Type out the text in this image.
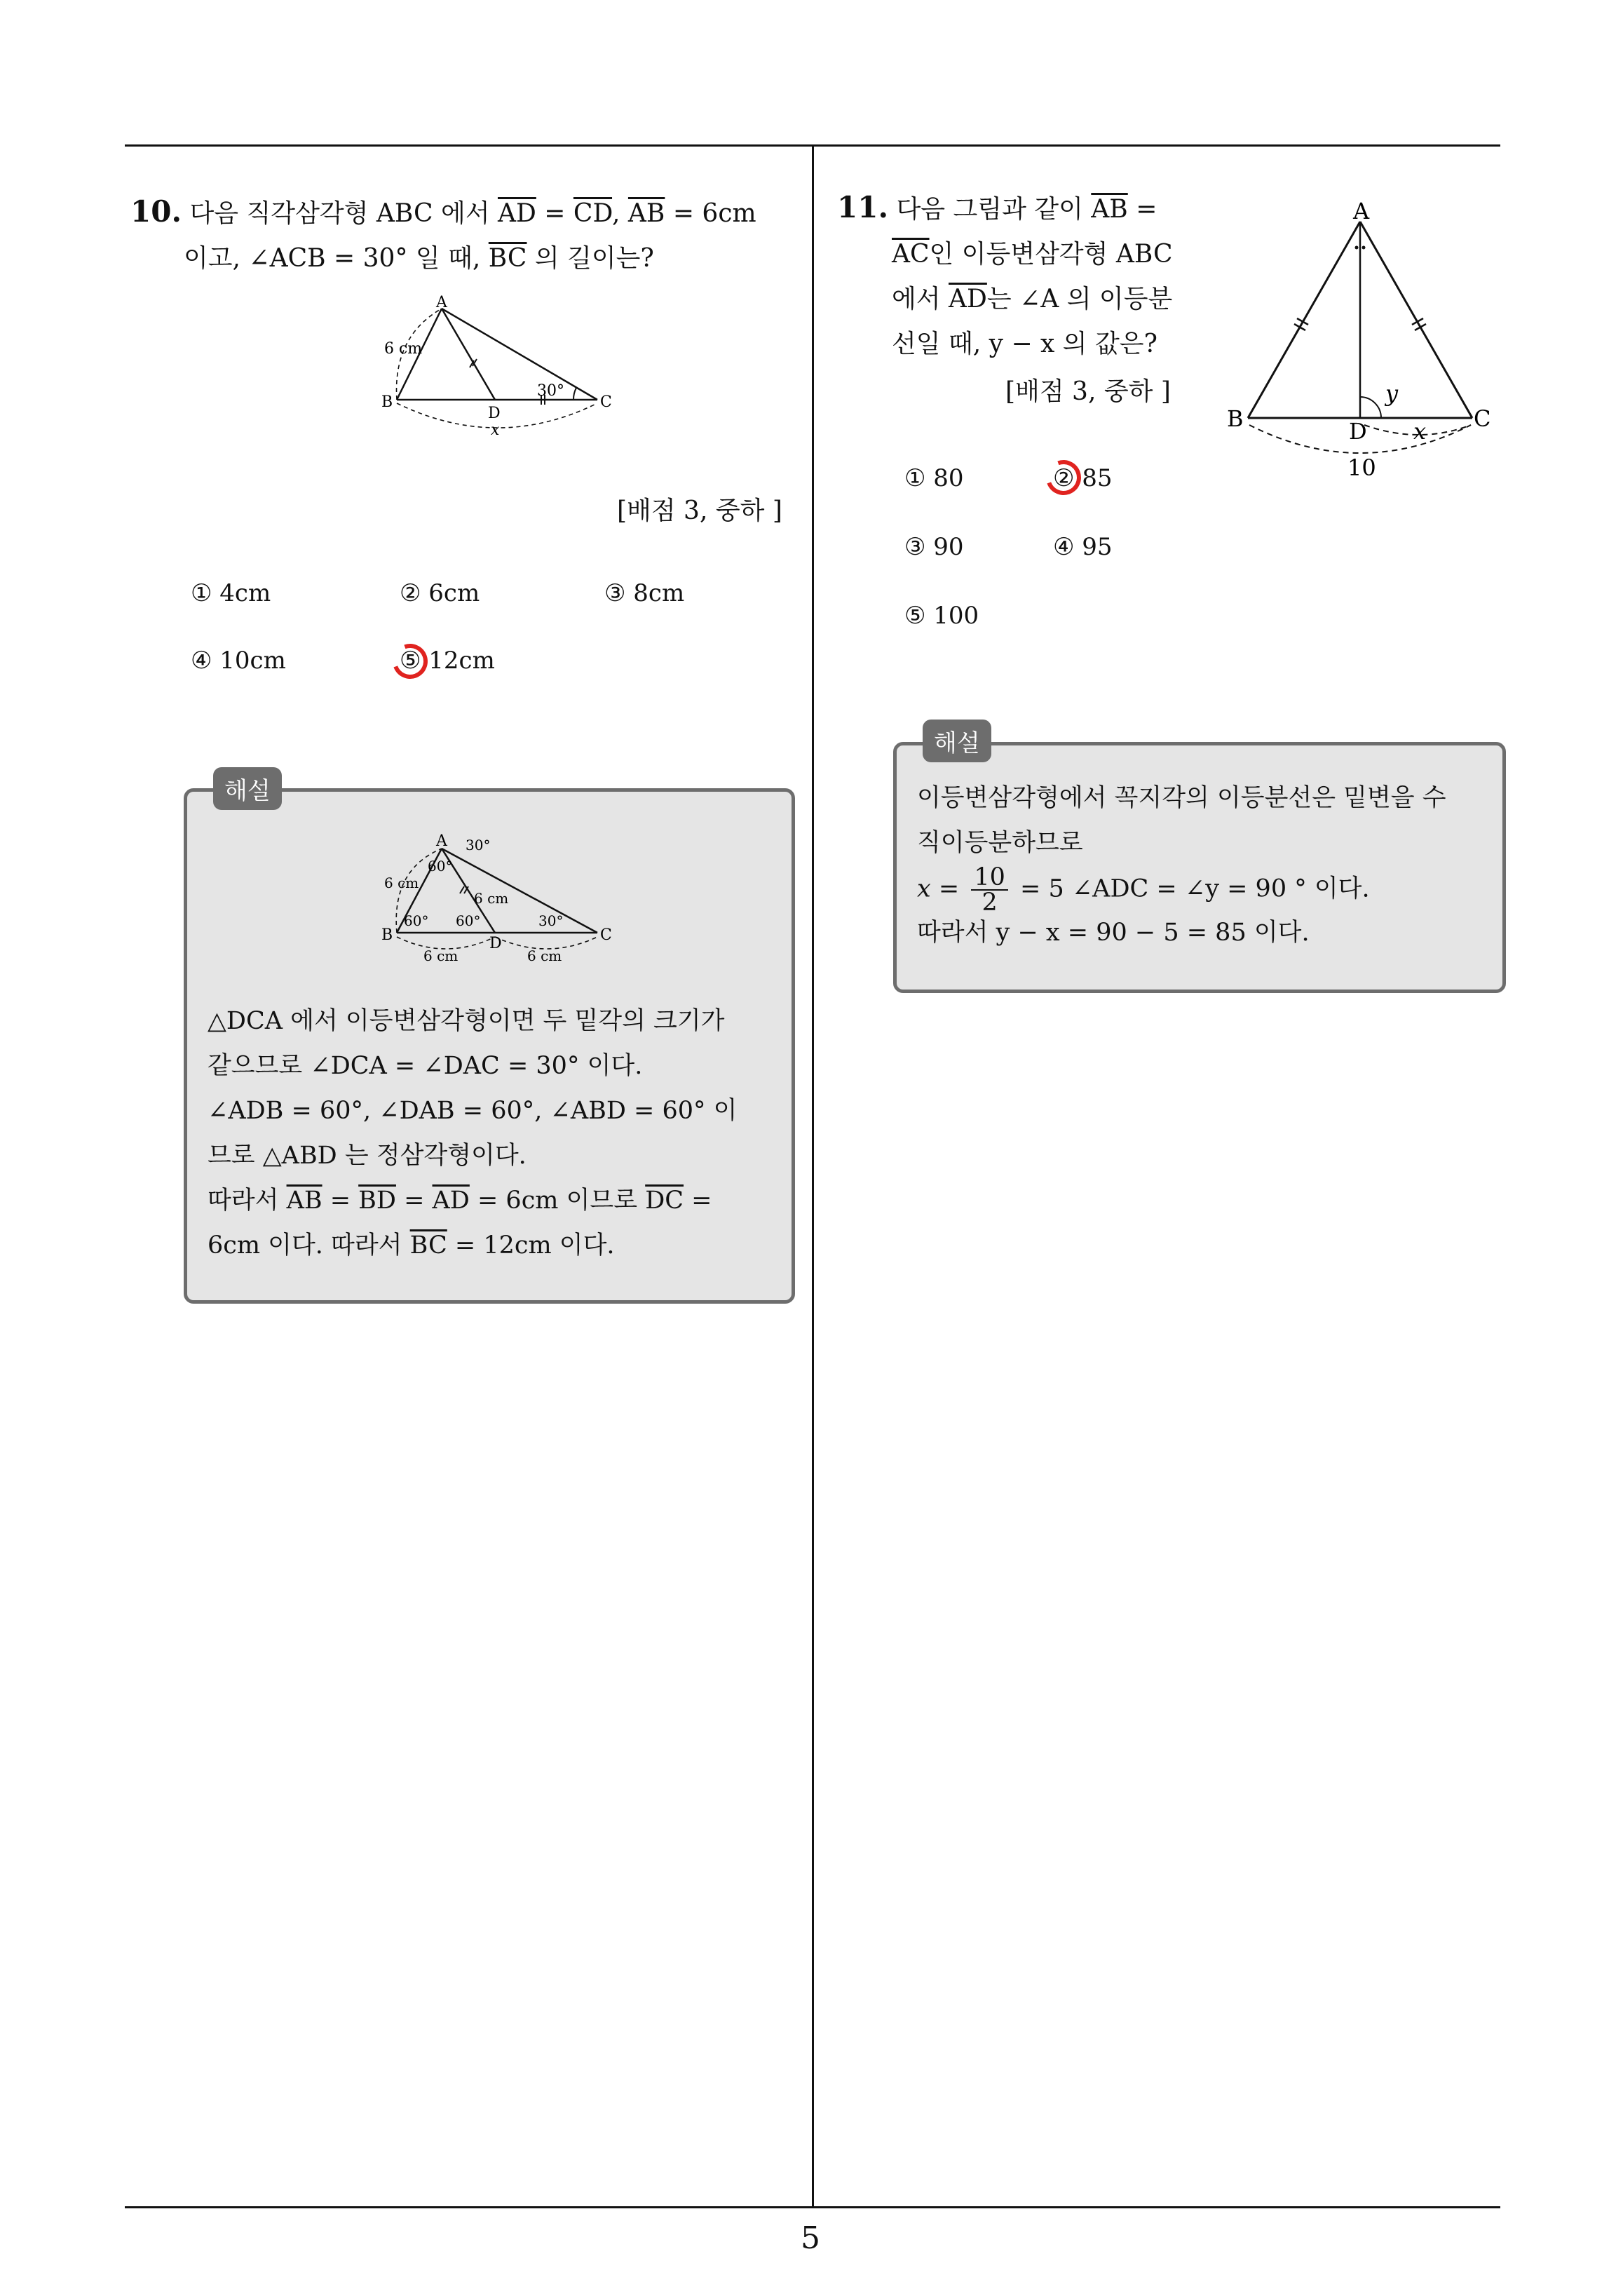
5
10. 다음 직각삼각형 ABC 에서 $\overline{AD} = \overline{CD}$, $\overline{AB} = 6cm$
이고, ∠ACB = 30° 일 때, $\overline{BC}$ 의 길이는?
A
B	C
D
6 cm
30°
x
[배점 3, 중하 ]
① 4cm	② 6cm	③ 8cm
④ 10cm	⑤ 12cm
해설
A
B	C
D
6 cm
6 cm
6 cm	6 cm
30°
60°
60° 60°	30°
△DCA 에서 이등변삼각형이면 두 밑각의 크기가
같으므로 ∠DCA = ∠DAC = 30° 이다.
∠ADB = 60°, ∠DAB = 60°, ∠ABD = 60° 이
므로 △ABD 는 정삼각형이다.
따라서 $\overline{AB} = \overline{BD} = \overline{AD} = 6cm$ 이므로 $\overline{DC}$ =
6cm 이다. 따라서 $\overline{BC} = 12cm$ 이다.
11. 다음 그림과 같이 $\overline{AB}$ =
$\overline{AC}$인 이등변삼각형 ABC
에서 $\overline{AD}$는 ∠A 의 이등분
선일 때, y − x 의 값은?
[배점 3, 중하 ]
A
B	C
D
y
x
10
① 80	② 85
③ 90	④ 95
⑤ 100
해설
이등변삼각형에서 꼭지각의 이등분선은 밑변을 수
직이등분하므로
$x = \frac{10}{2} = 5$ ∠ADC = ∠y = 90 ° 이다.
따라서 y − x = 90 − 5 = 85 이다.
